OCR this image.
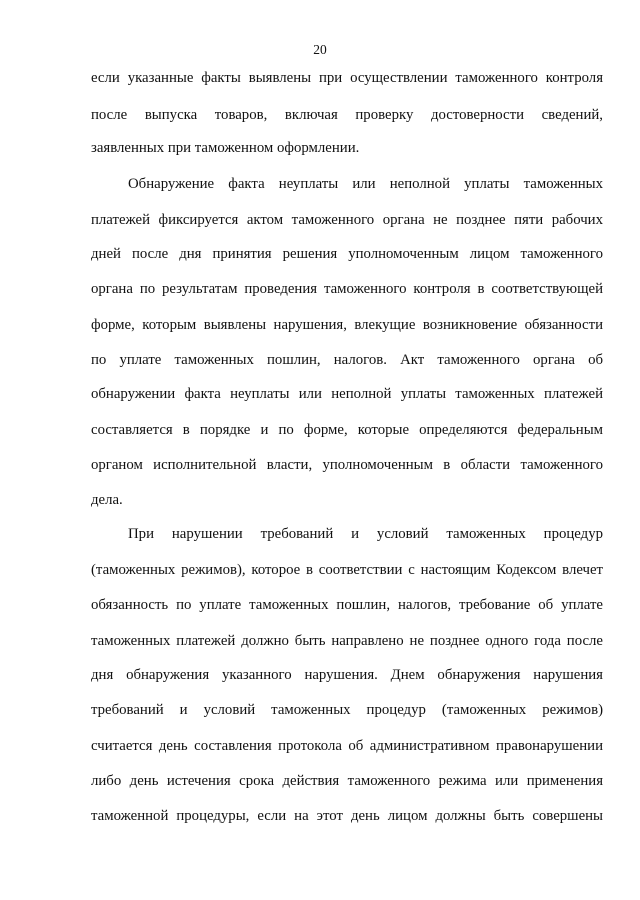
20
если указанные факты выявлены при осуществлении таможенного контроля
после выпуска товаров, включая проверку достоверности сведений,
заявленных при таможенном оформлении.
Обнаружение факта неуплаты или неполной уплаты таможенных
платежей фиксируется актом таможенного органа не позднее пяти рабочих
дней после дня принятия решения уполномоченным лицом таможенного
органа по результатам проведения таможенного контроля в соответствующей
форме, которым выявлены нарушения, влекущие возникновение обязанности
по уплате таможенных пошлин, налогов. Акт таможенного органа об
обнаружении факта неуплаты или неполной уплаты таможенных платежей
составляется в порядке и по форме, которые определяются федеральным
органом исполнительной власти, уполномоченным в области таможенного
дела.
При нарушении требований и условий таможенных процедур
(таможенных режимов), которое в соответствии с настоящим Кодексом влечет
обязанность по уплате таможенных пошлин, налогов, требование об уплате
таможенных платежей должно быть направлено не позднее одного года после
дня обнаружения указанного нарушения. Днем обнаружения нарушения
требований и условий таможенных процедур (таможенных режимов)
считается день составления протокола об административном правонарушении
либо день истечения срока действия таможенного режима или применения
таможенной процедуры, если на этот день лицом должны быть совершены
